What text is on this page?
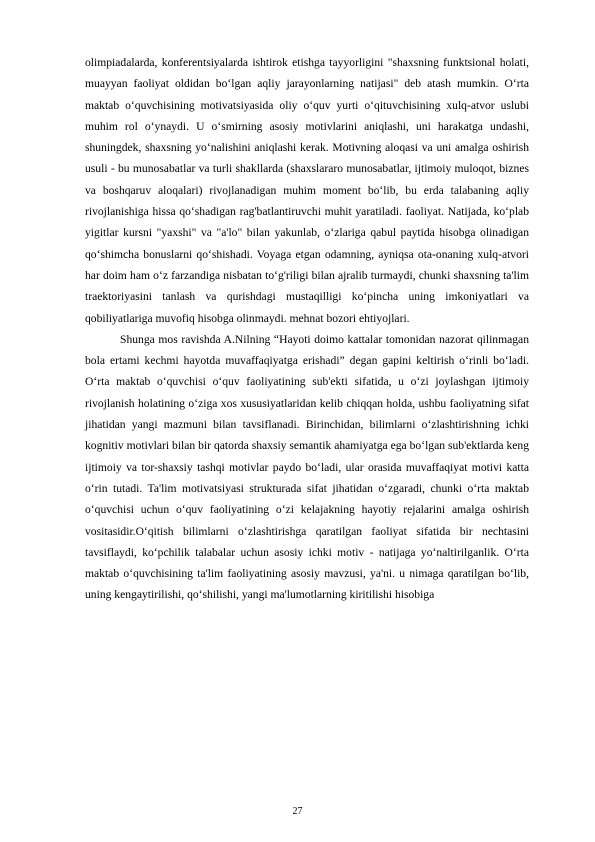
olimpiadalarda, konferentsiyalarda ishtirok etishga tayyorligini "shaxsning funktsional holati, muayyan faoliyat oldidan bo‘lgan aqliy jarayonlarning natijasi" deb atash mumkin. O‘rta maktab o‘quvchisining motivatsiyasida oliy o‘quv yurti o‘qituvchisining xulq-atvor uslubi muhim rol o‘ynaydi. U o‘smirning asosiy motivlarini aniqlashi, uni harakatga undashi, shuningdek, shaxsning yo‘nalishini aniqlashi kerak. Motivning aloqasi va uni amalga oshirish usuli - bu munosabatlar va turli shakllarda (shaxslararo munosabatlar, ijtimoiy muloqot, biznes va boshqaruv aloqalari) rivojlanadigan muhim moment bo‘lib, bu erda talabaning aqliy rivojlanishiga hissa qo‘shadigan rag'batlantiruvchi muhit yaratiladi. faoliyat. Natijada, ko‘plab yigitlar kursni "yaxshi" va "a'lo" bilan yakunlab, o‘zlariga qabul paytida hisobga olinadigan qo‘shimcha bonuslarni qo‘shishadi. Voyaga etgan odamning, ayniqsa ota-onaning xulq-atvori har doim ham o‘z farzandiga nisbatan to‘g'riligi bilan ajralib turmaydi, chunki shaxsning ta'lim traektoriyasini tanlash va qurishdagi mustaqilligi ko‘pincha uning imkoniyatlari va qobiliyatlariga muvofiq hisobga olinmaydi. mehnat bozori ehtiyojlari.

Shunga mos ravishda A.Nilning “Hayoti doimo kattalar tomonidan nazorat qilinmagan bola ertami kechmi hayotda muvaffaqiyatga erishadi” degan gapini keltirish o‘rinli bo‘ladi. O‘rta maktab o‘quvchisi o‘quv faoliyatining sub'ekti sifatida, u o‘zi joylashgan ijtimoiy rivojlanish holatining o‘ziga xos xususiyatlaridan kelib chiqqan holda, ushbu faoliyatning sifat jihatidan yangi mazmuni bilan tavsiflanadi. Birinchidan, bilimlarni o‘zlashtirishning ichki kognitiv motivlari bilan bir qatorda shaxsiy semantik ahamiyatga ega bo‘lgan sub'ektlarda keng ijtimoiy va tor-shaxsiy tashqi motivlar paydo bo‘ladi, ular orasida muvaffaqiyat motivi katta o‘rin tutadi. Ta'lim motivatsiyasi strukturada sifat jihatidan o‘zgaradi, chunki o‘rta maktab o‘quvchisi uchun o‘quv faoliyatining o‘zi kelajakning hayotiy rejalarini amalga oshirish vositasidir.O‘qitish bilimlarni o‘zlashtirishga qaratilgan faoliyat sifatida bir nechtasini tavsiflaydi, ko‘pchilik talabalar uchun asosiy ichki motiv - natijaga yo‘naltirilganlik. O‘rta maktab o‘quvchisining ta'lim faoliyatining asosiy mavzusi, ya'ni. u nimaga qaratilgan bo‘lib, uning kengaytirilishi, qo‘shilishi, yangi ma'lumotlarning kiritilishi hisobiga

27
